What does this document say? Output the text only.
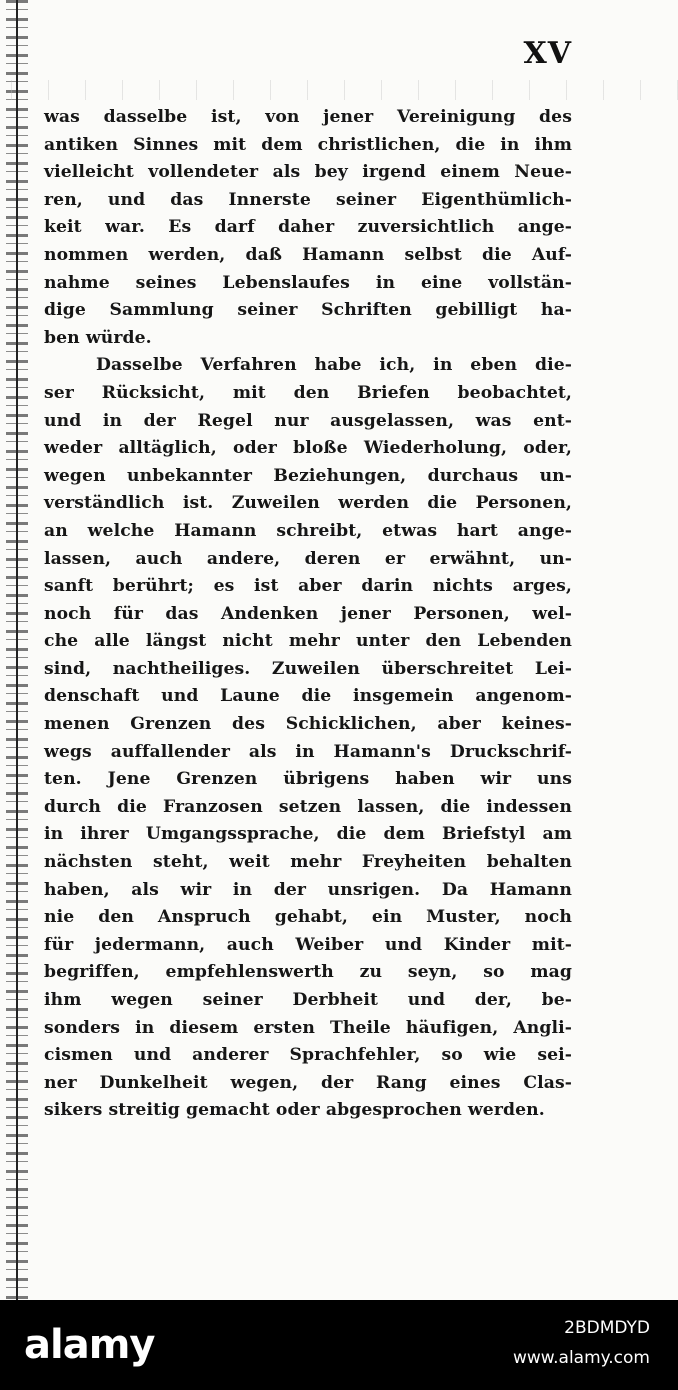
XV
was dasselbe ist, von jener Vereinigung des
antiken Sinnes mit dem christlichen, die in ihm
vielleicht vollendeter als bey irgend einem Neue-
ren, und das Innerste seiner Eigenthümlich-
keit war. Es darf daher zuversichtlich ange-
nommen werden, daß Hamann selbst die Auf-
nahme seines Lebenslaufes in eine vollstän-
dige Sammlung seiner Schriften gebilligt ha-
ben würde.
Dasselbe Verfahren habe ich, in eben die-
ser Rücksicht, mit den Briefen beobachtet,
und in der Regel nur ausgelassen, was ent-
weder alltäglich, oder bloße Wiederholung, oder,
wegen unbekannter Beziehungen, durchaus un-
verständlich ist. Zuweilen werden die Personen,
an welche Hamann schreibt, etwas hart ange-
lassen, auch andere, deren er erwähnt, un-
sanft berührt; es ist aber darin nichts arges,
noch für das Andenken jener Personen, wel-
che alle längst nicht mehr unter den Lebenden
sind, nachtheiliges. Zuweilen überschreitet Lei-
denschaft und Laune die insgemein angenom-
menen Grenzen des Schicklichen, aber keines-
wegs auffallender als in Hamann's Druckschrif-
ten. Jene Grenzen übrigens haben wir uns
durch die Franzosen setzen lassen, die indessen
in ihrer Umgangssprache, die dem Briefstyl am
nächsten steht, weit mehr Freyheiten behalten
haben, als wir in der unsrigen. Da Hamann
nie den Anspruch gehabt, ein Muster, noch
für jedermann, auch Weiber und Kinder mit-
begriffen, empfehlenswerth zu seyn, so mag
ihm wegen seiner Derbheit und der, be-
sonders in diesem ersten Theile häufigen, Angli-
cismen und anderer Sprachfehler, so wie sei-
ner Dunkelheit wegen, der Rang eines Clas-
sikers streitig gemacht oder abgesprochen werden.
alamy	2BDMDYD
www.alamy.com
